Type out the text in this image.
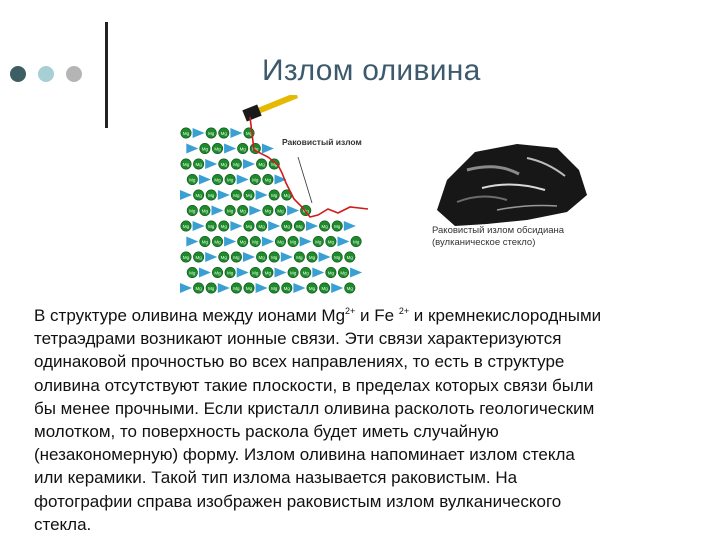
Излом оливина
Mg	Mg Mg	Mg
Mg Mg	Mg Mg
Mg Mg	Mg Mg	Mg Mg
Mg	Mg Mg	Mg Mg
Mg Mg	Mg Mg	Mg Mg
Mg Mg	Mg Mg	Mg Mg	Mg
Mg	Mg Mg	Mg Mg	Mg Mg	Mg Mg
Mg Mg	Mg Mg	Mg Mg	Mg Mg	Mg
Mg Mg	Mg Mg	Mg Mg	Mg Mg	Mg Mg
Mg	Mg Mg	Mg Mg	Mg Mg	Mg Mg
Mg Mg	Mg Mg	Mg Mg	Mg Mg	Mg
Раковистый излом
Раковистый излом обсидиана
(вулканическое стекло)
В структуре оливина между ионами $Mg^{2+}$ и Fe $^{2+}$ и кремнекислородными
тетраэдрами возникают ионные связи. Эти связи характеризуются
одинаковой прочностью во всех направлениях, то есть в структуре
оливина отсутствуют такие плоскости, в пределах которых связи были
бы менее прочными. Если кристалл оливина расколоть геологическим
молотком, то поверхность раскола будет иметь случайную
(незакономерную) форму. Излом оливина напоминает излом стекла
или керамики. Такой тип излома называется раковистым. На
фотографии справа изображен раковистым излом вулканического
стекла.
